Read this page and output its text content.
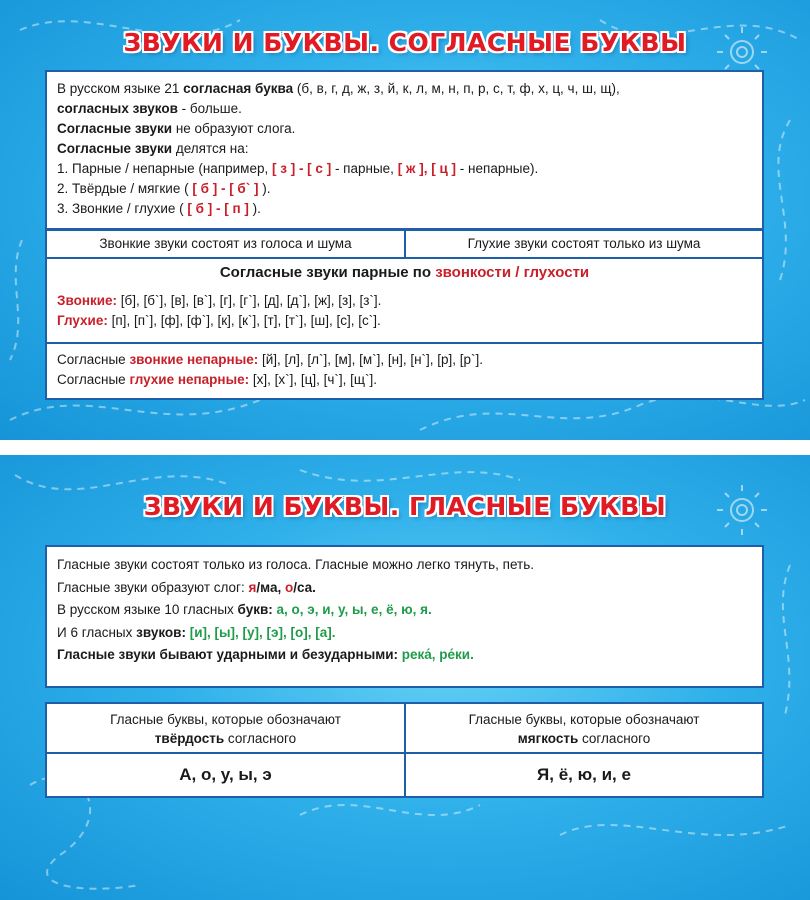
ЗВУКИ И БУКВЫ. СОГЛАСНЫЕ БУКВЫ
В русском языке 21 согласная буква (б, в, г, д, ж, з, й, к, л, м, н, п, р, с, т, ф, х, ц, ч, ш, щ),
согласных звуков - больше.
Согласные звуки не образуют слога.
Согласные звуки делятся на:
1. Парные / непарные (например, [ з ] - [ с ] - парные, [ ж ], [ ц ] - непарные).
2. Твёрдые / мягкие ( [ б ] - [ б` ] ).
3. Звонкие / глухие ( [ б ] - [ п ] ).
Звонкие звуки состоят из голоса и шума	Глухие звуки состоят только из шума
Согласные звуки парные по звонкости / глухости
Звонкие: [б], [б`], [в], [в`], [г], [г`], [д], [д`], [ж], [з], [з`].
Глухие: [п], [п`], [ф], [ф`], [к], [к`], [т], [т`], [ш], [с], [с`].
Согласные звонкие непарные: [й], [л], [л`], [м], [м`], [н], [н`], [р], [р`].
Согласные глухие непарные: [х], [х`], [ц], [ч`], [щ`].
ЗВУКИ И БУКВЫ. ГЛАСНЫЕ БУКВЫ
Гласные звуки состоят только из голоса. Гласные можно легко тянуть, петь.
Гласные звуки образуют слог: я/ма, о/са.
В русском языке 10 гласных букв: а, о, э, и, у, ы, е, ё, ю, я.
И 6 гласных звуков: [и], [ы], [у], [э], [о], [а].
Гласные звуки бывают ударными и безударными: река́, ре́ки.
Гласные буквы, которые обозначают
твёрдость согласного
Гласные буквы, которые обозначают
мягкость согласного
А, о, у, ы, э	Я, ё, ю, и, е
